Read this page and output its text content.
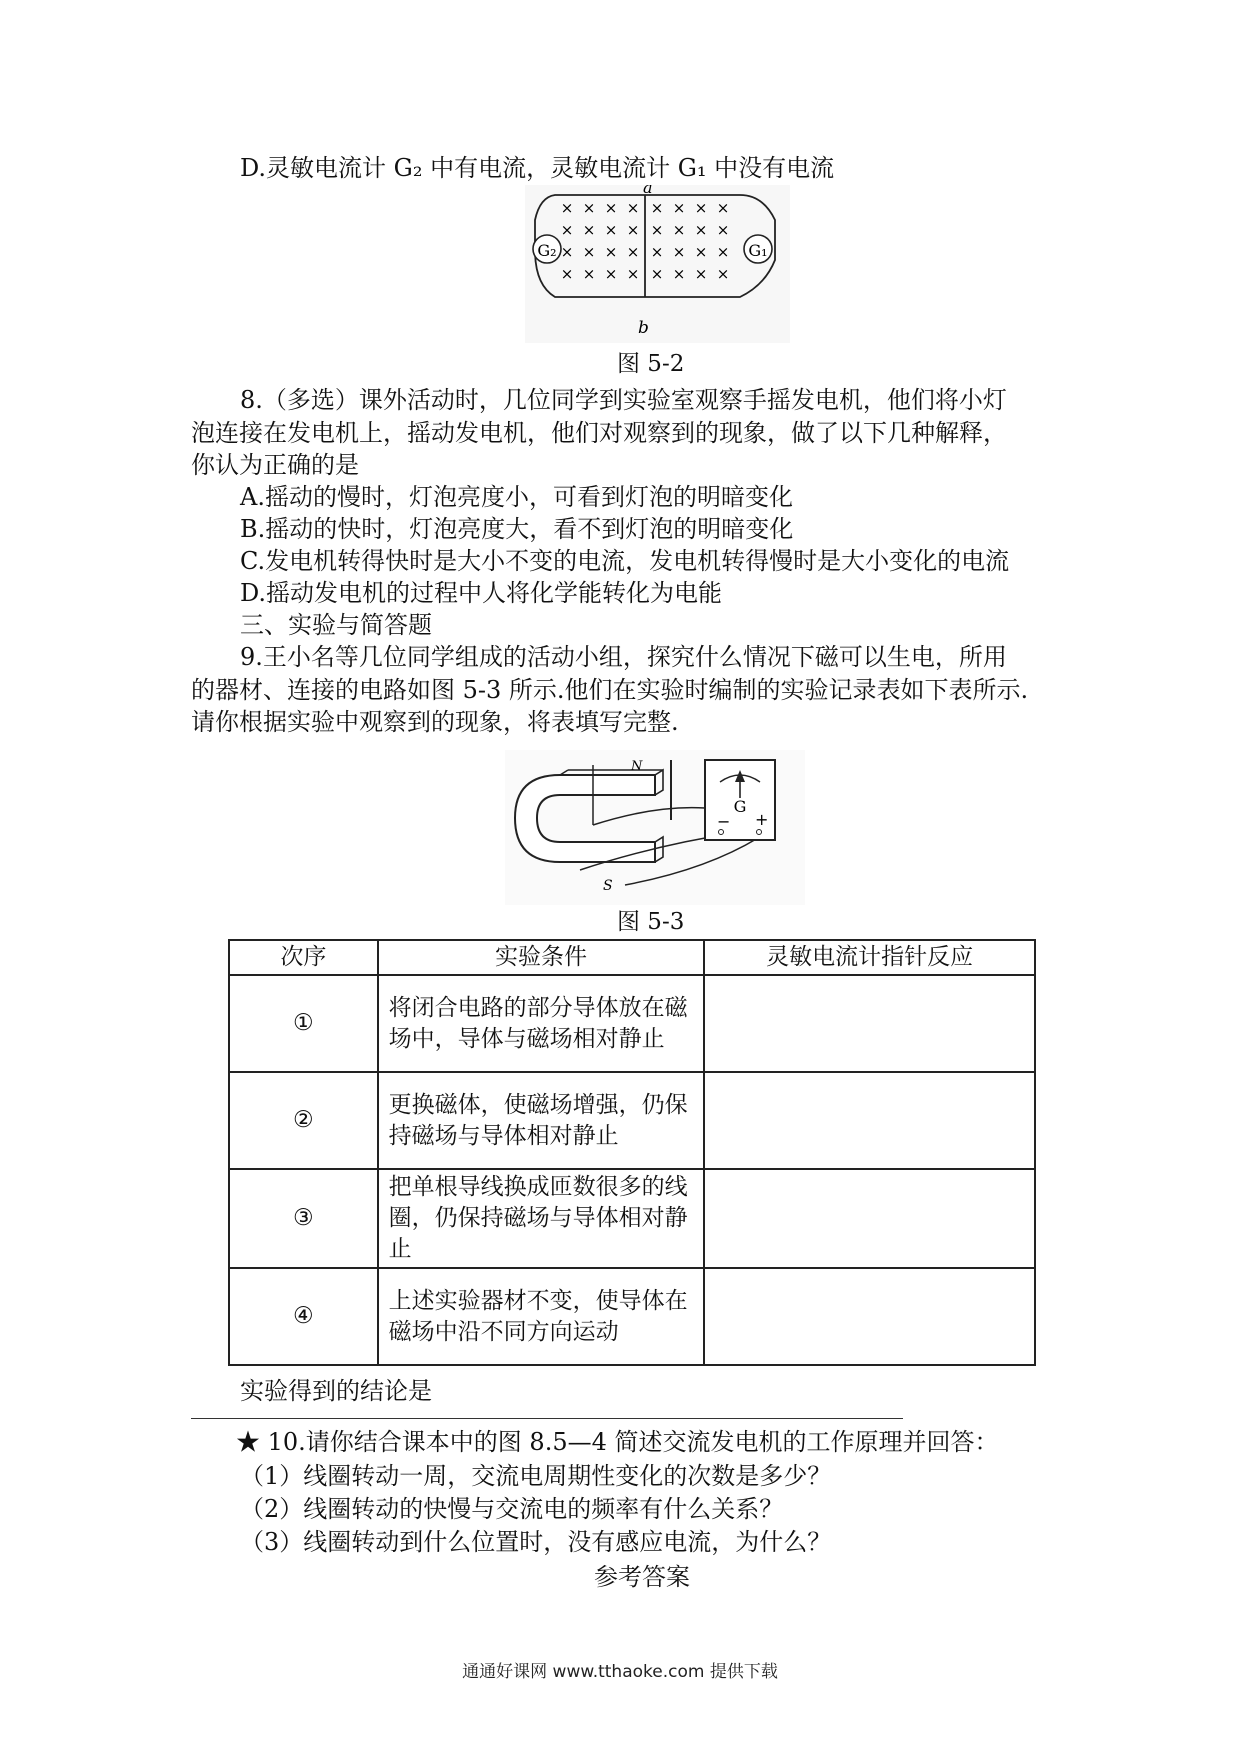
D.灵敏电流计 G₂ 中有电流，灵敏电流计 G₁ 中没有电流
× × × × × × × ×
× × × × × × × ×
× × × × × × × ×
× × × × × × × ×
G₂	G₁
a
b
图 5-2
8.（多选）课外活动时，几位同学到实验室观察手摇发电机，他们将小灯
泡连接在发电机上，摇动发电机，他们对观察到的现象，做了以下几种解释，
你认为正确的是
A.摇动的慢时，灯泡亮度小，可看到灯泡的明暗变化
B.摇动的快时，灯泡亮度大，看不到灯泡的明暗变化
C.发电机转得快时是大小不变的电流，发电机转得慢时是大小变化的电流
D.摇动发电机的过程中人将化学能转化为电能
三、实验与简答题
9.王小名等几位同学组成的活动小组，探究什么情况下磁可以生电，所用
的器材、连接的电路如图 5-3 所示.他们在实验时编制的实验记录表如下表所示.
请你根据实验中观察到的现象，将表填写完整.
N
S
G
− +
图 5-3
次序	实验条件	灵敏电流计指针反应
①	将闭合电路的部分导体放在磁场中，导体与磁场相对静止	
②	更换磁体，使磁场增强，仍保持磁场与导体相对静止	
③	把单根导线换成匝数很多的线圈，仍保持磁场与导体相对静止	
④	上述实验器材不变，使导体在磁场中沿不同方向运动	
实验得到的结论是
★ 10.请你结合课本中的图 8.5—4 简述交流发电机的工作原理并回答：
（1）线圈转动一周，交流电周期性变化的次数是多少？
（2）线圈转动的快慢与交流电的频率有什么关系？
（3）线圈转动到什么位置时，没有感应电流，为什么？
参考答案
通通好课网 www.tthaoke.com 提供下载
